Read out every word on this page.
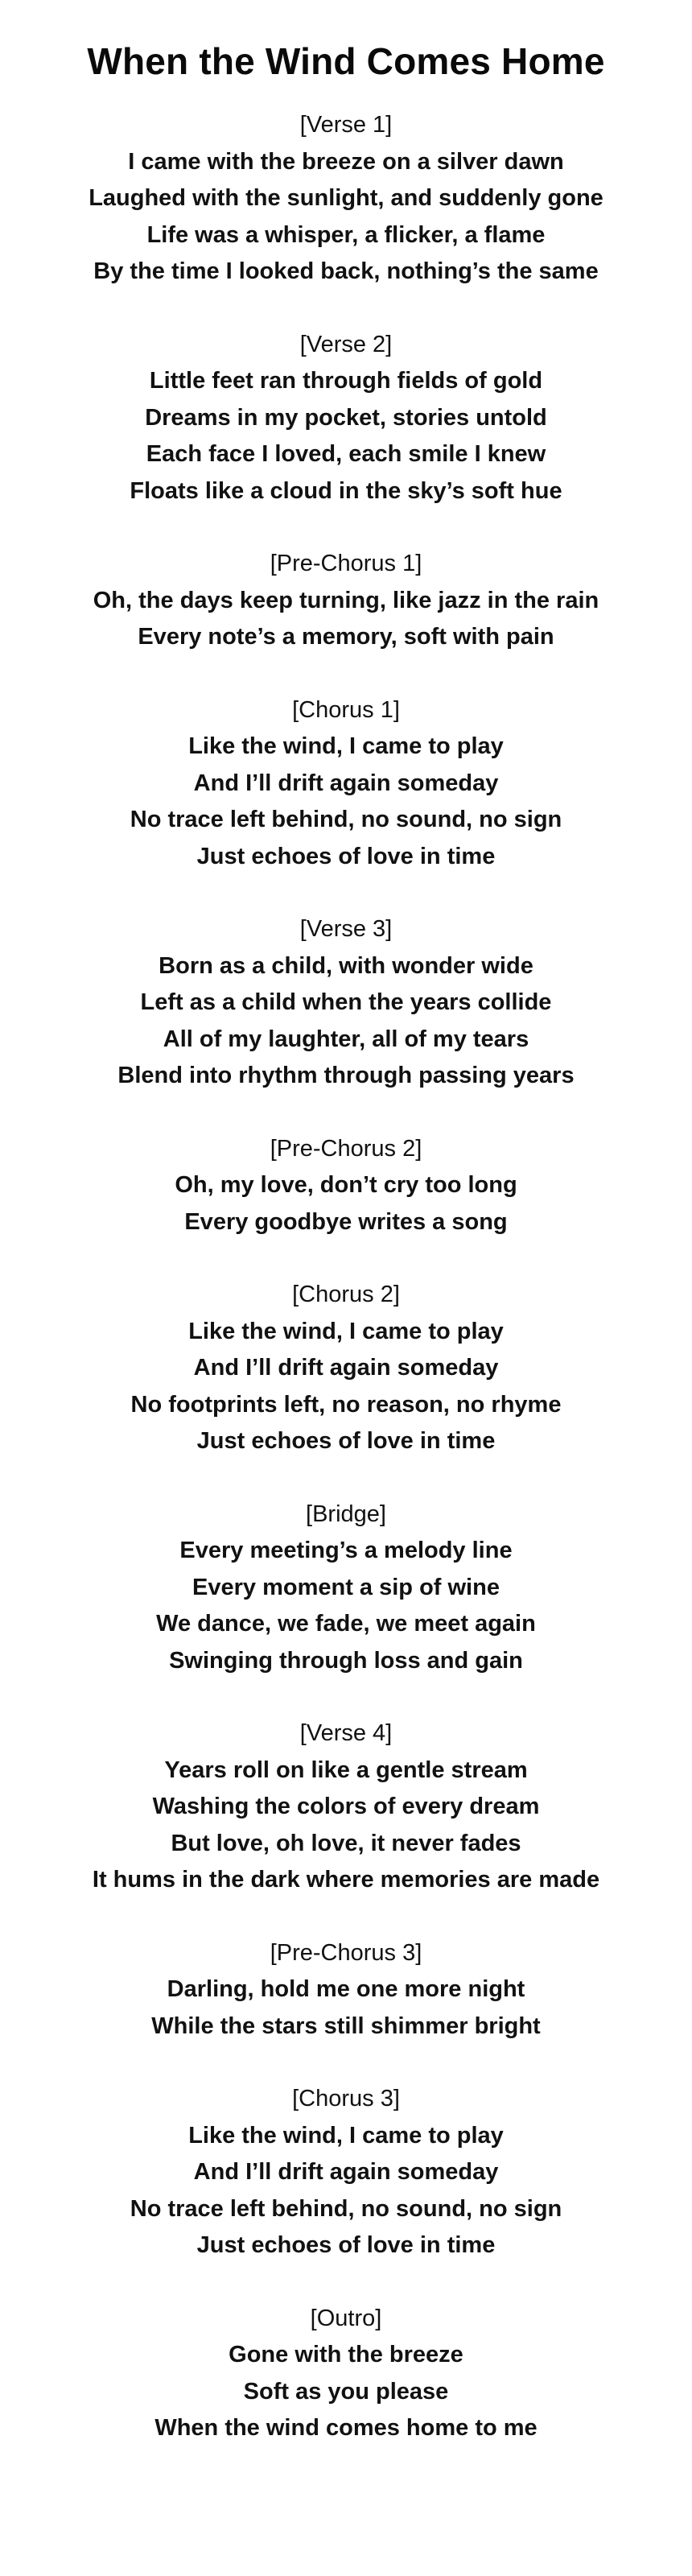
When the Wind Comes Home
[Verse 1]
I came with the breeze on a silver dawn
Laughed with the sunlight, and suddenly gone
Life was a whisper, a flicker, a flame
By the time I looked back, nothing’s the same
[Verse 2]
Little feet ran through fields of gold
Dreams in my pocket, stories untold
Each face I loved, each smile I knew
Floats like a cloud in the sky’s soft hue
[Pre-Chorus 1]
Oh, the days keep turning, like jazz in the rain
Every note’s a memory, soft with pain
[Chorus 1]
Like the wind, I came to play
And I’ll drift again someday
No trace left behind, no sound, no sign
Just echoes of love in time
[Verse 3]
Born as a child, with wonder wide
Left as a child when the years collide
All of my laughter, all of my tears
Blend into rhythm through passing years
[Pre-Chorus 2]
Oh, my love, don’t cry too long
Every goodbye writes a song
[Chorus 2]
Like the wind, I came to play
And I’ll drift again someday
No footprints left, no reason, no rhyme
Just echoes of love in time
[Bridge]
Every meeting’s a melody line
Every moment a sip of wine
We dance, we fade, we meet again
Swinging through loss and gain
[Verse 4]
Years roll on like a gentle stream
Washing the colors of every dream
But love, oh love, it never fades
It hums in the dark where memories are made
[Pre-Chorus 3]
Darling, hold me one more night
While the stars still shimmer bright
[Chorus 3]
Like the wind, I came to play
And I’ll drift again someday
No trace left behind, no sound, no sign
Just echoes of love in time
[Outro]
Gone with the breeze
Soft as you please
When the wind comes home to me
